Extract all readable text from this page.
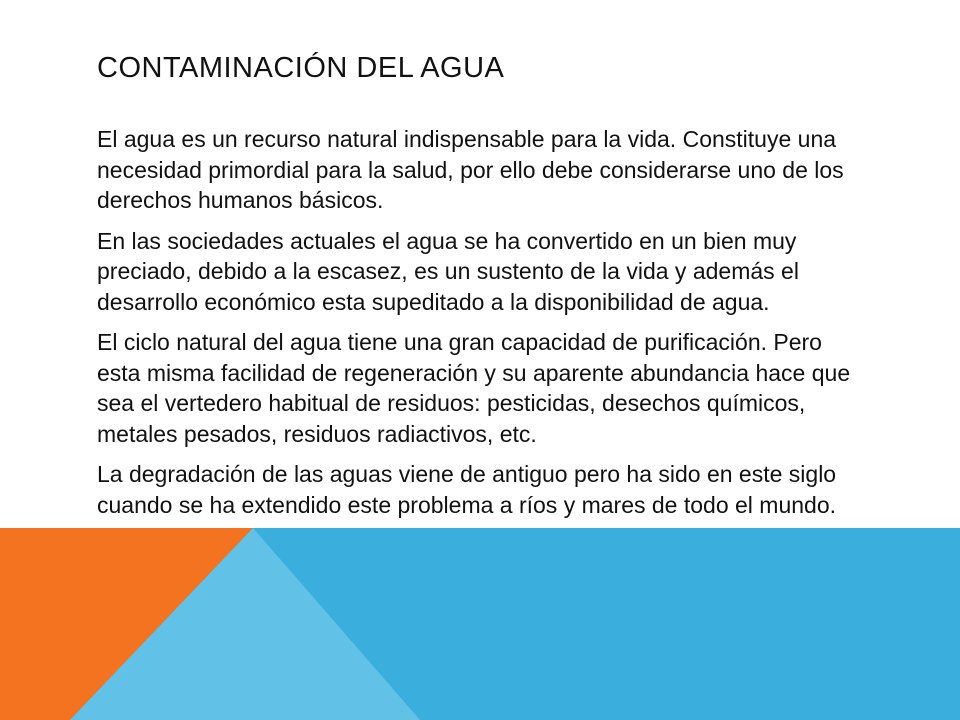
CONTAMINACIÓN DEL AGUA

El agua es un recurso natural indispensable para la vida. Constituye una necesidad primordial para la salud, por ello debe considerarse uno de los derechos humanos básicos.

En las sociedades actuales el agua se ha convertido en un bien muy preciado, debido a la escasez, es un sustento de la vida y además el desarrollo económico esta supeditado a la disponibilidad de agua.

El ciclo natural del agua tiene una gran capacidad de purificación. Pero esta misma facilidad de regeneración y su aparente abundancia hace que sea el vertedero habitual de residuos: pesticidas, desechos químicos, metales pesados, residuos radiactivos, etc.

La degradación de las aguas viene de antiguo pero ha sido en este siglo cuando se ha extendido este problema a ríos y mares de todo el mundo.
